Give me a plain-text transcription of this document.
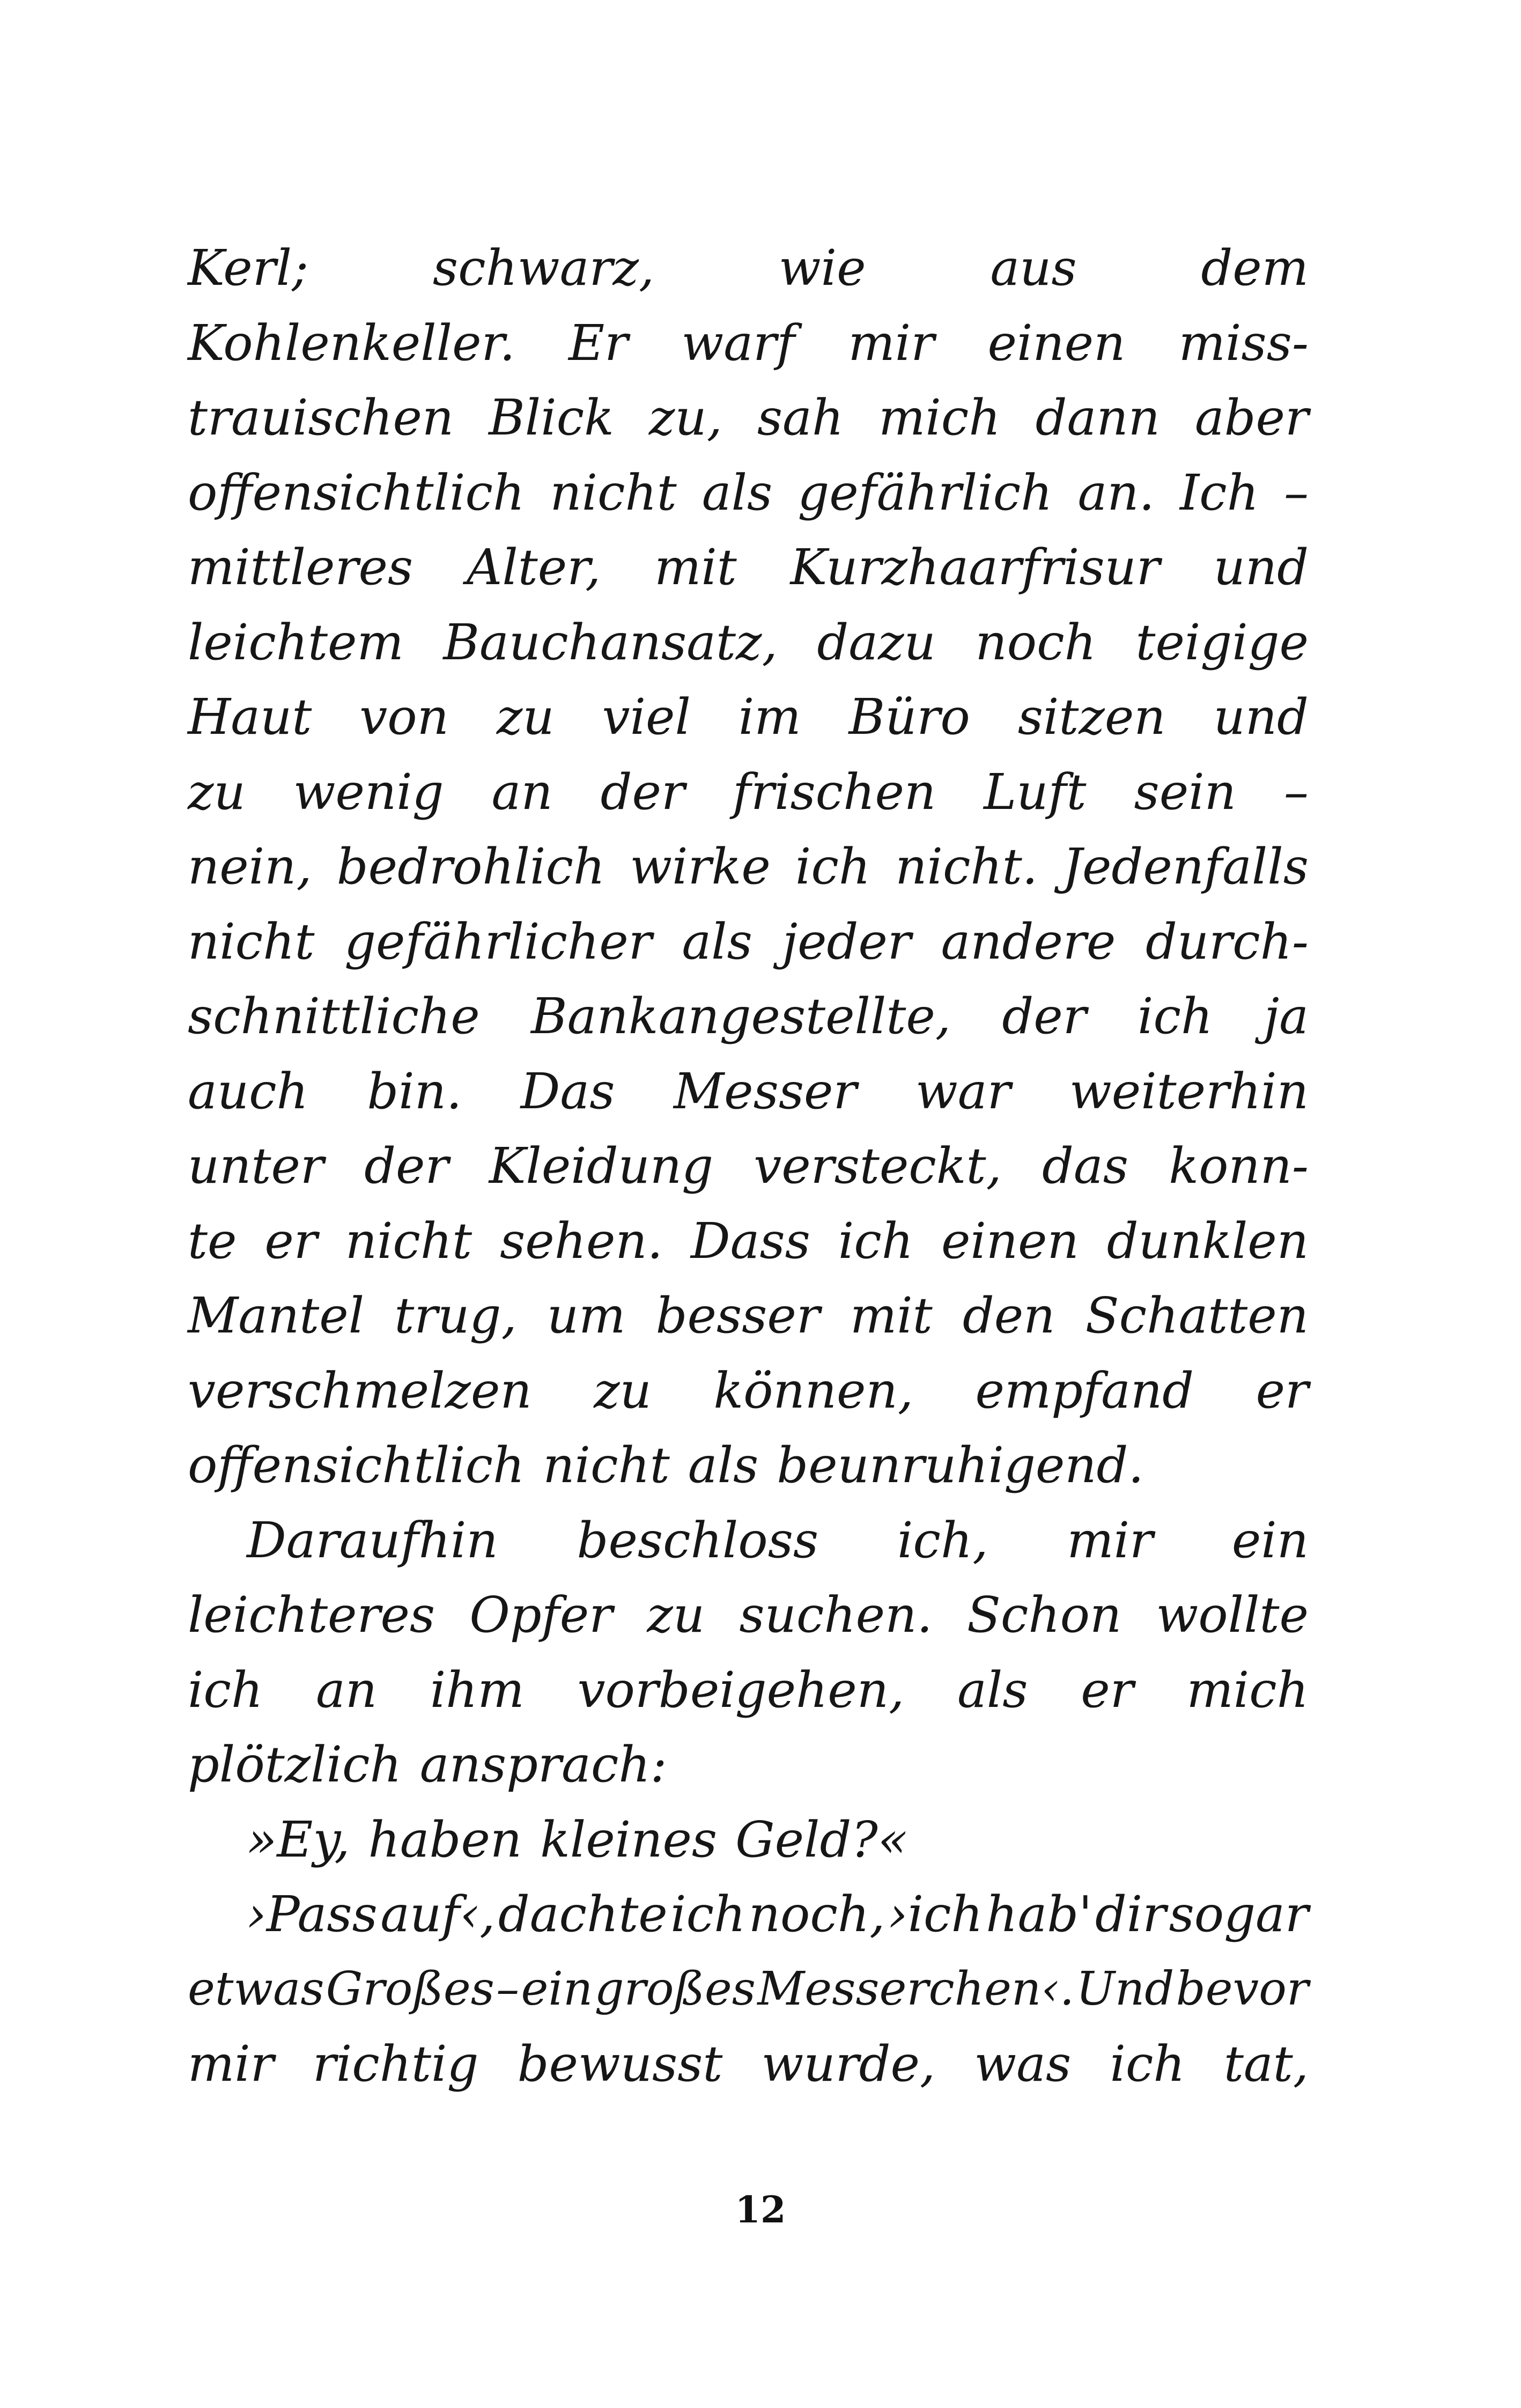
Kerl;	schwarz,	wie	aus	dem
Kohlenkeller. Er warf mir einen miss-
trauischen Blick zu, sah mich dann aber
offensichtlich nicht als gefährlich an. Ich –
mittleres Alter, mit Kurzhaarfrisur und
leichtem Bauchansatz, dazu noch teigige
Haut von zu viel im Büro sitzen und
zu wenig an der frischen Luft sein –
nein, bedrohlich wirke ich nicht. Jedenfalls
nicht gefährlicher als jeder andere durch-
schnittliche Bankangestellte, der ich ja
auch bin. Das Messer war weiterhin
unter der Kleidung versteckt, das konn-
te er nicht sehen. Dass ich einen dunklen
Mantel trug, um besser mit den Schatten
verschmelzen zu können, empfand er
offensichtlich nicht als beunruhigend.
Daraufhin beschloss ich, mir ein
leichteres Opfer zu suchen. Schon wollte
ich an ihm vorbeigehen, als er mich
plötzlich ansprach:
»Ey, haben kleines Geld?«
›Pass auf‹, dachte ich noch, ›ich hab' dir sogar
etwas Großes – ein großes Messerchen‹. Und bevor
mir richtig bewusst wurde, was ich tat,
12
